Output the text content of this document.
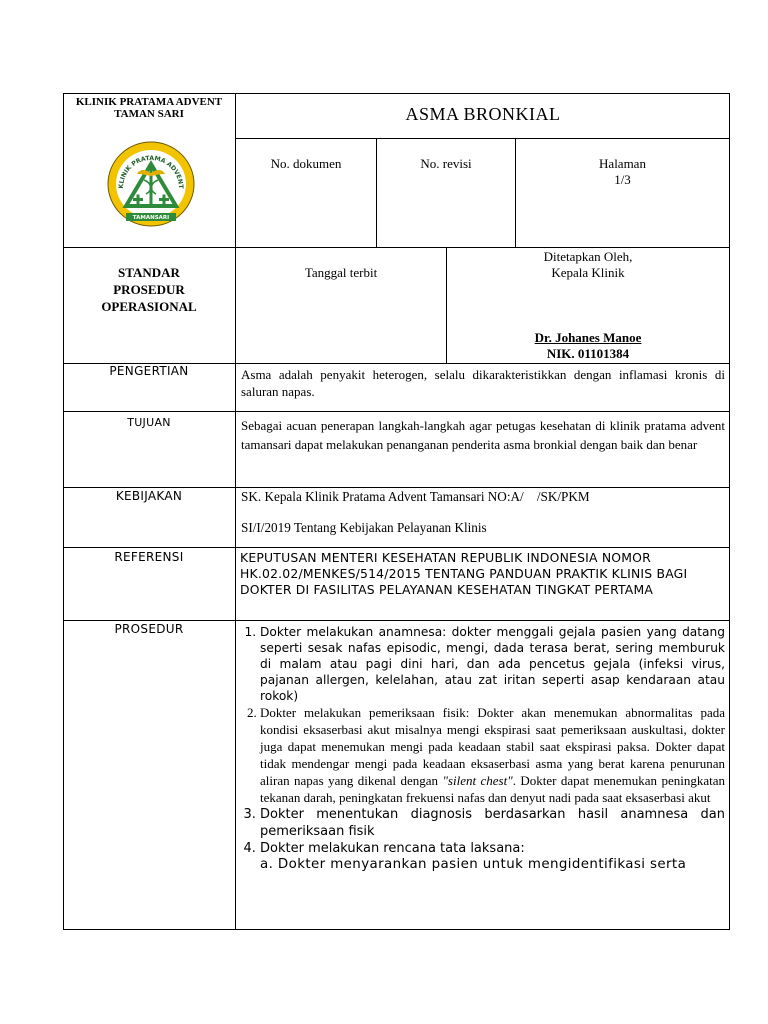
KLINIK PRATAMA ADVENT
TAMAN SARI
KLINIK PRATAMA ADVENT
TAMANSARI
ASMA BRONKIAL
No. dokumen	No. revisi	Halaman
1/3
STANDAR
PROSEDUR
OPERASIONAL
Tanggal terbit
Ditetapkan Oleh,
Kepala Klinik
Dr. Johanes Manoe
NIK. 01101384
PENGERTIAN	Asma adalah penyakit heterogen, selalu dikarakteristikkan dengan inflamasi kronis di saluran napas.
TUJUAN	Sebagai acuan penerapan langkah-langkah agar petugas kesehatan di klinik pratama advent tamansari dapat melakukan penanganan penderita asma bronkial dengan baik dan benar
KEBIJAKAN	SK. Kepala Klinik Pratama Advent Tamansari NO:A/    /SK/PKM
SI/I/2019 Tentang Kebijakan Pelayanan Klinis
REFERENSI	KEPUTUSAN MENTERI KESEHATAN REPUBLIK INDONESIA NOMOR HK.02.02/MENKES/514/2015 TENTANG PANDUAN PRAKTIK KLINIS BAGI DOKTER DI FASILITAS PELAYANAN KESEHATAN TINGKAT PERTAMA
PROSEDUR
1.	Dokter melakukan anamnesa: dokter menggali gejala pasien yang datang seperti sesak nafas episodic, mengi, dada terasa berat, sering memburuk di malam atau pagi dini hari, dan ada pencetus gejala (infeksi virus, pajanan allergen, kelelahan, atau zat iritan seperti asap kendaraan atau rokok)
2. Dokter melakukan pemeriksaan fisik: Dokter akan menemukan abnormalitas pada kondisi eksaserbasi akut misalnya mengi ekspirasi saat pemeriksaan auskultasi, dokter juga dapat menemukan mengi pada keadaan stabil saat ekspirasi paksa. Dokter dapat tidak mendengar mengi pada keadaan eksaserbasi asma yang berat karena penurunan aliran napas yang dikenal dengan "silent chest". Dokter dapat menemukan peningkatan tekanan darah, peningkatan frekuensi nafas dan denyut nadi pada saat eksaserbasi akut
3. Dokter menentukan diagnosis berdasarkan hasil anamnesa dan pemeriksaan fisik
4. Dokter melakukan rencana tata laksana:
a. Dokter menyarankan pasien untuk mengidentifikasi serta
